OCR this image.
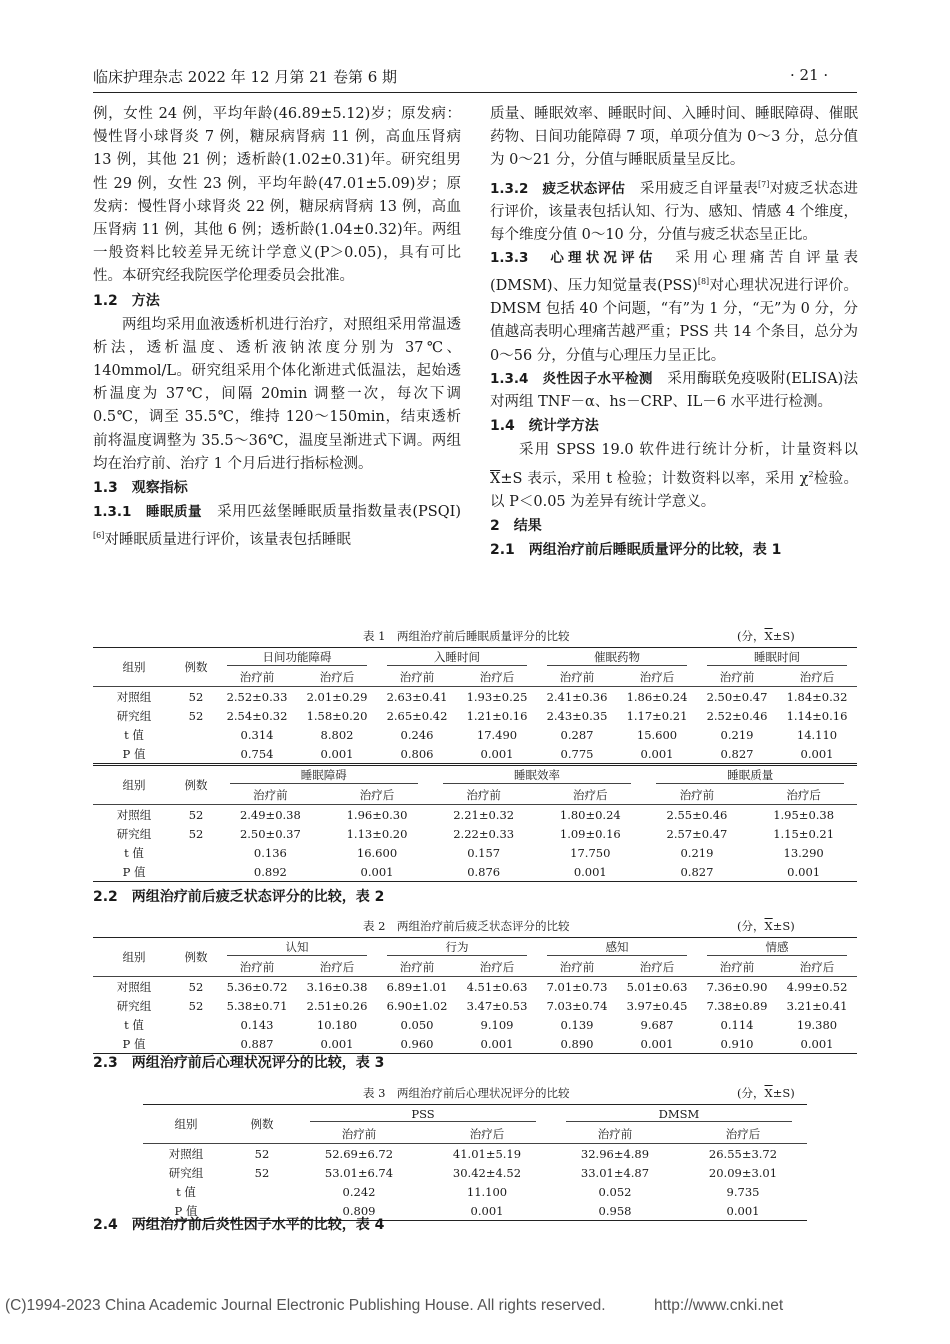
临床护理杂志 2022 年 12 月第 21 卷第 6 期	· 21 ·

例，女性 24 例，平均年龄(46.89±5.12)岁；原发病：慢性肾小球肾炎 7 例，糖尿病肾病 11 例，高血压肾病 13 例，其他 21 例；透析龄(1.02±0.31)年。研究组男性 29 例，女性 23 例，平均年龄(47.01±5.09)岁；原发病：慢性肾小球肾炎 22 例，糖尿病肾病 13 例，高血压肾病 11 例，其他 6 例；透析龄(1.04±0.32)年。两组一般资料比较差异无统计学意义(P＞0.05)，具有可比性。本研究经我院医学伦理委员会批准。

1.2　方法

两组均采用血液透析机进行治疗，对照组采用常温透析法，透析温度、透析液钠浓度分别为 37℃、140mmol/L。研究组采用个体化渐进式低温法，起始透析温度为 37℃，间隔 20min 调整一次，每次下调 0.5℃，调至 35.5℃，维持 120～150min，结束透析前将温度调整为 35.5～36℃，温度呈渐进式下调。两组均在治疗前、治疗 1 个月后进行指标检测。

1.3　观察指标

1.3.1　睡眠质量　采用匹兹堡睡眠质量指数量表(PSQI)[6]对睡眠质量进行评价，该量表包括睡眠

质量、睡眠效率、睡眠时间、入睡时间、睡眠障碍、催眠药物、日间功能障碍 7 项，单项分值为 0～3 分，总分值为 0～21 分，分值与睡眠质量呈反比。

1.3.2　疲乏状态评估　采用疲乏自评量表[7]对疲乏状态进行评价，该量表包括认知、行为、感知、情感 4 个维度，每个维度分值 0～10 分，分值与疲乏状态呈正比。

1.3.3　心理状况评估　采用心理痛苦自评量表(DMSM)、压力知觉量表(PSS)[8]对心理状况进行评价。DMSM 包括 40 个问题，“有”为 1 分，“无”为 0 分，分值越高表明心理痛苦越严重；PSS 共 14 个条目，总分为 0～56 分，分值与心理压力呈正比。

1.3.4　炎性因子水平检测　采用酶联免疫吸附(ELISA)法对两组 TNF－α、hs－CRP、IL－6 水平进行检测。

1.4　统计学方法

采用 SPSS 19.0 软件进行统计分析，计量资料以 $\overline{X}\pm S$ 表示，采用 t 检验；计数资料以率，采用 $\chi^2$检验。以 P＜0.05 为差异有统计学意义。

2　结果

2.1　两组治疗前后睡眠质量评分的比较，表 1

表 1　两组治疗前后睡眠质量评分的比较	(分，$\overline{X}\pm S$)
组别	例数	日间功能障碍		入睡时间		催眠药物		睡眠时间	
		治疗前	治疗后	治疗前	治疗后	治疗前	治疗后	治疗前	治疗后
对照组	52	2.52±0.33	2.01±0.29	2.63±0.41	1.93±0.25	2.41±0.36	1.86±0.24	2.50±0.47	1.84±0.32
研究组	52	2.54±0.32	1.58±0.20	2.65±0.42	1.21±0.16	2.43±0.35	1.17±0.21	2.52±0.46	1.14±0.16
t 值		0.314	8.802	0.246	17.490	0.287	15.600	0.219	14.110
P 值		0.754	0.001	0.806	0.001	0.775	0.001	0.827	0.001
组别	例数	睡眠障碍		睡眠效率		睡眠质量	
		治疗前	治疗后	治疗前	治疗后	治疗前	治疗后
对照组	52	2.49±0.38	1.96±0.30	2.21±0.32	1.80±0.24	2.55±0.46	1.95±0.38
研究组	52	2.50±0.37	1.13±0.20	2.22±0.33	1.09±0.16	2.57±0.47	1.15±0.21
t 值		0.136	16.600	0.157	17.750	0.219	13.290
P 值		0.892	0.001	0.876	0.001	0.827	0.001
2.2　两组治疗前后疲乏状态评分的比较，表 2
表 2　两组治疗前后疲乏状态评分的比较	(分，$\overline{X}\pm S$)
组别	例数	认知		行为		感知		情感	
		治疗前	治疗后	治疗前	治疗后	治疗前	治疗后	治疗前	治疗后
对照组	52	5.36±0.72	3.16±0.38	6.89±1.01	4.51±0.63	7.01±0.73	5.01±0.63	7.36±0.90	4.99±0.52
研究组	52	5.38±0.71	2.51±0.26	6.90±1.02	3.47±0.53	7.03±0.74	3.97±0.45	7.38±0.89	3.21±0.41
t 值		0.143	10.180	0.050	9.109	0.139	9.687	0.114	19.380
P 值		0.887	0.001	0.960	0.001	0.890	0.001	0.910	0.001
2.3　两组治疗前后心理状况评分的比较，表 3
表 3　两组治疗前后心理状况评分的比较	(分，$\overline{X}\pm S$)
组别	例数	PSS		DMSM	
		治疗前	治疗后	治疗前	治疗后
对照组	52	52.69±6.72	41.01±5.19	32.96±4.89	26.55±3.72
研究组	52	53.01±6.74	30.42±4.52	33.01±4.87	20.09±3.01
t 值		0.242	11.100	0.052	9.735
P 值		0.809	0.001	0.958	0.001
2.4　两组治疗前后炎性因子水平的比较，表 4
(C)1994-2023 China Academic Journal Electronic Publishing House. All rights reserved.	http://www.cnki.net
